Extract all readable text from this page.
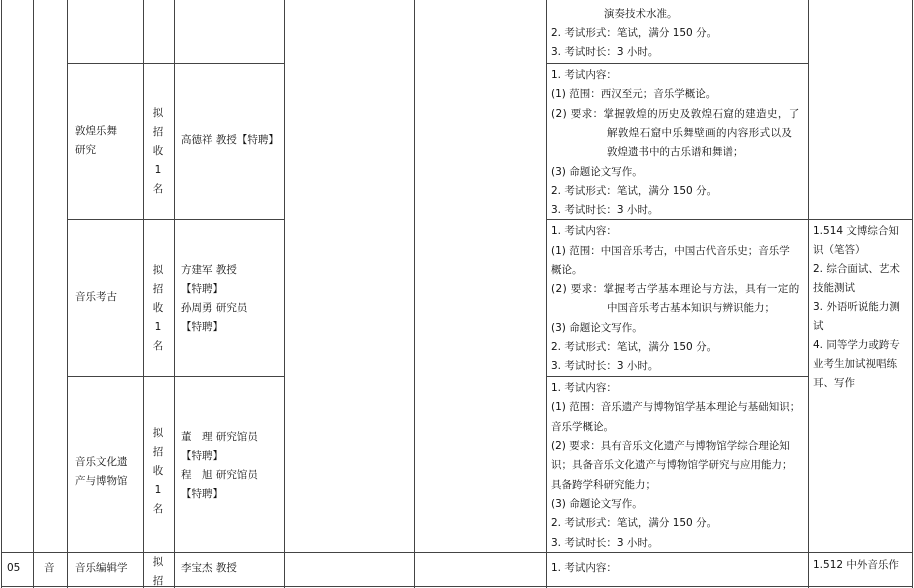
演奏技术水准。
2. 考试形式：笔试，满分 150 分。
3. 考试时长：3 小时。
敦煌乐舞
研究
拟招收1名
高德祥 教授【特聘】
1. 考试内容：
(1) 范围：西汉至元；音乐学概论。
(2) 要求：掌握敦煌的历史及敦煌石窟的建造史，了
解敦煌石窟中乐舞壁画的内容形式以及
敦煌遗书中的古乐谱和舞谱；
(3) 命题论文写作。
2. 考试形式：笔试，满分 150 分。
3. 考试时长：3 小时。
音乐考古
拟招收1名
方建军 教授
【特聘】
孙周勇 研究员
【特聘】
1. 考试内容：
(1) 范围：中国音乐考古，中国古代音乐史；音乐学
概论。
(2) 要求：掌握考古学基本理论与方法，具有一定的
中国音乐考古基本知识与辨识能力；
(3) 命题论文写作。
2. 考试形式：笔试，满分 150 分。
3. 考试时长：3 小时。
1.514 文博综合知
识（笔答）
2. 综合面试、艺术
技能测试
3. 外语听说能力测
试
4. 同等学力或跨专
业考生加试视唱练
耳、写作
音乐文化遗
产与博物馆
拟招收1名
董　理 研究馆员
【特聘】
程　旭 研究馆员
【特聘】
1. 考试内容：
(1) 范围：音乐遗产与博物馆学基本理论与基础知识；
音乐学概论。
(2) 要求：具有音乐文化遗产与博物馆学综合理论知
识；具备音乐文化遗产与博物馆学研究与应用能力；
具备跨学科研究能力；
(3) 命题论文写作。
2. 考试形式：笔试，满分 150 分。
3. 考试时长：3 小时。
05 音 音乐编辑学 拟招
李宝杰 教授	1. 考试内容：	1.512 中外音乐作
